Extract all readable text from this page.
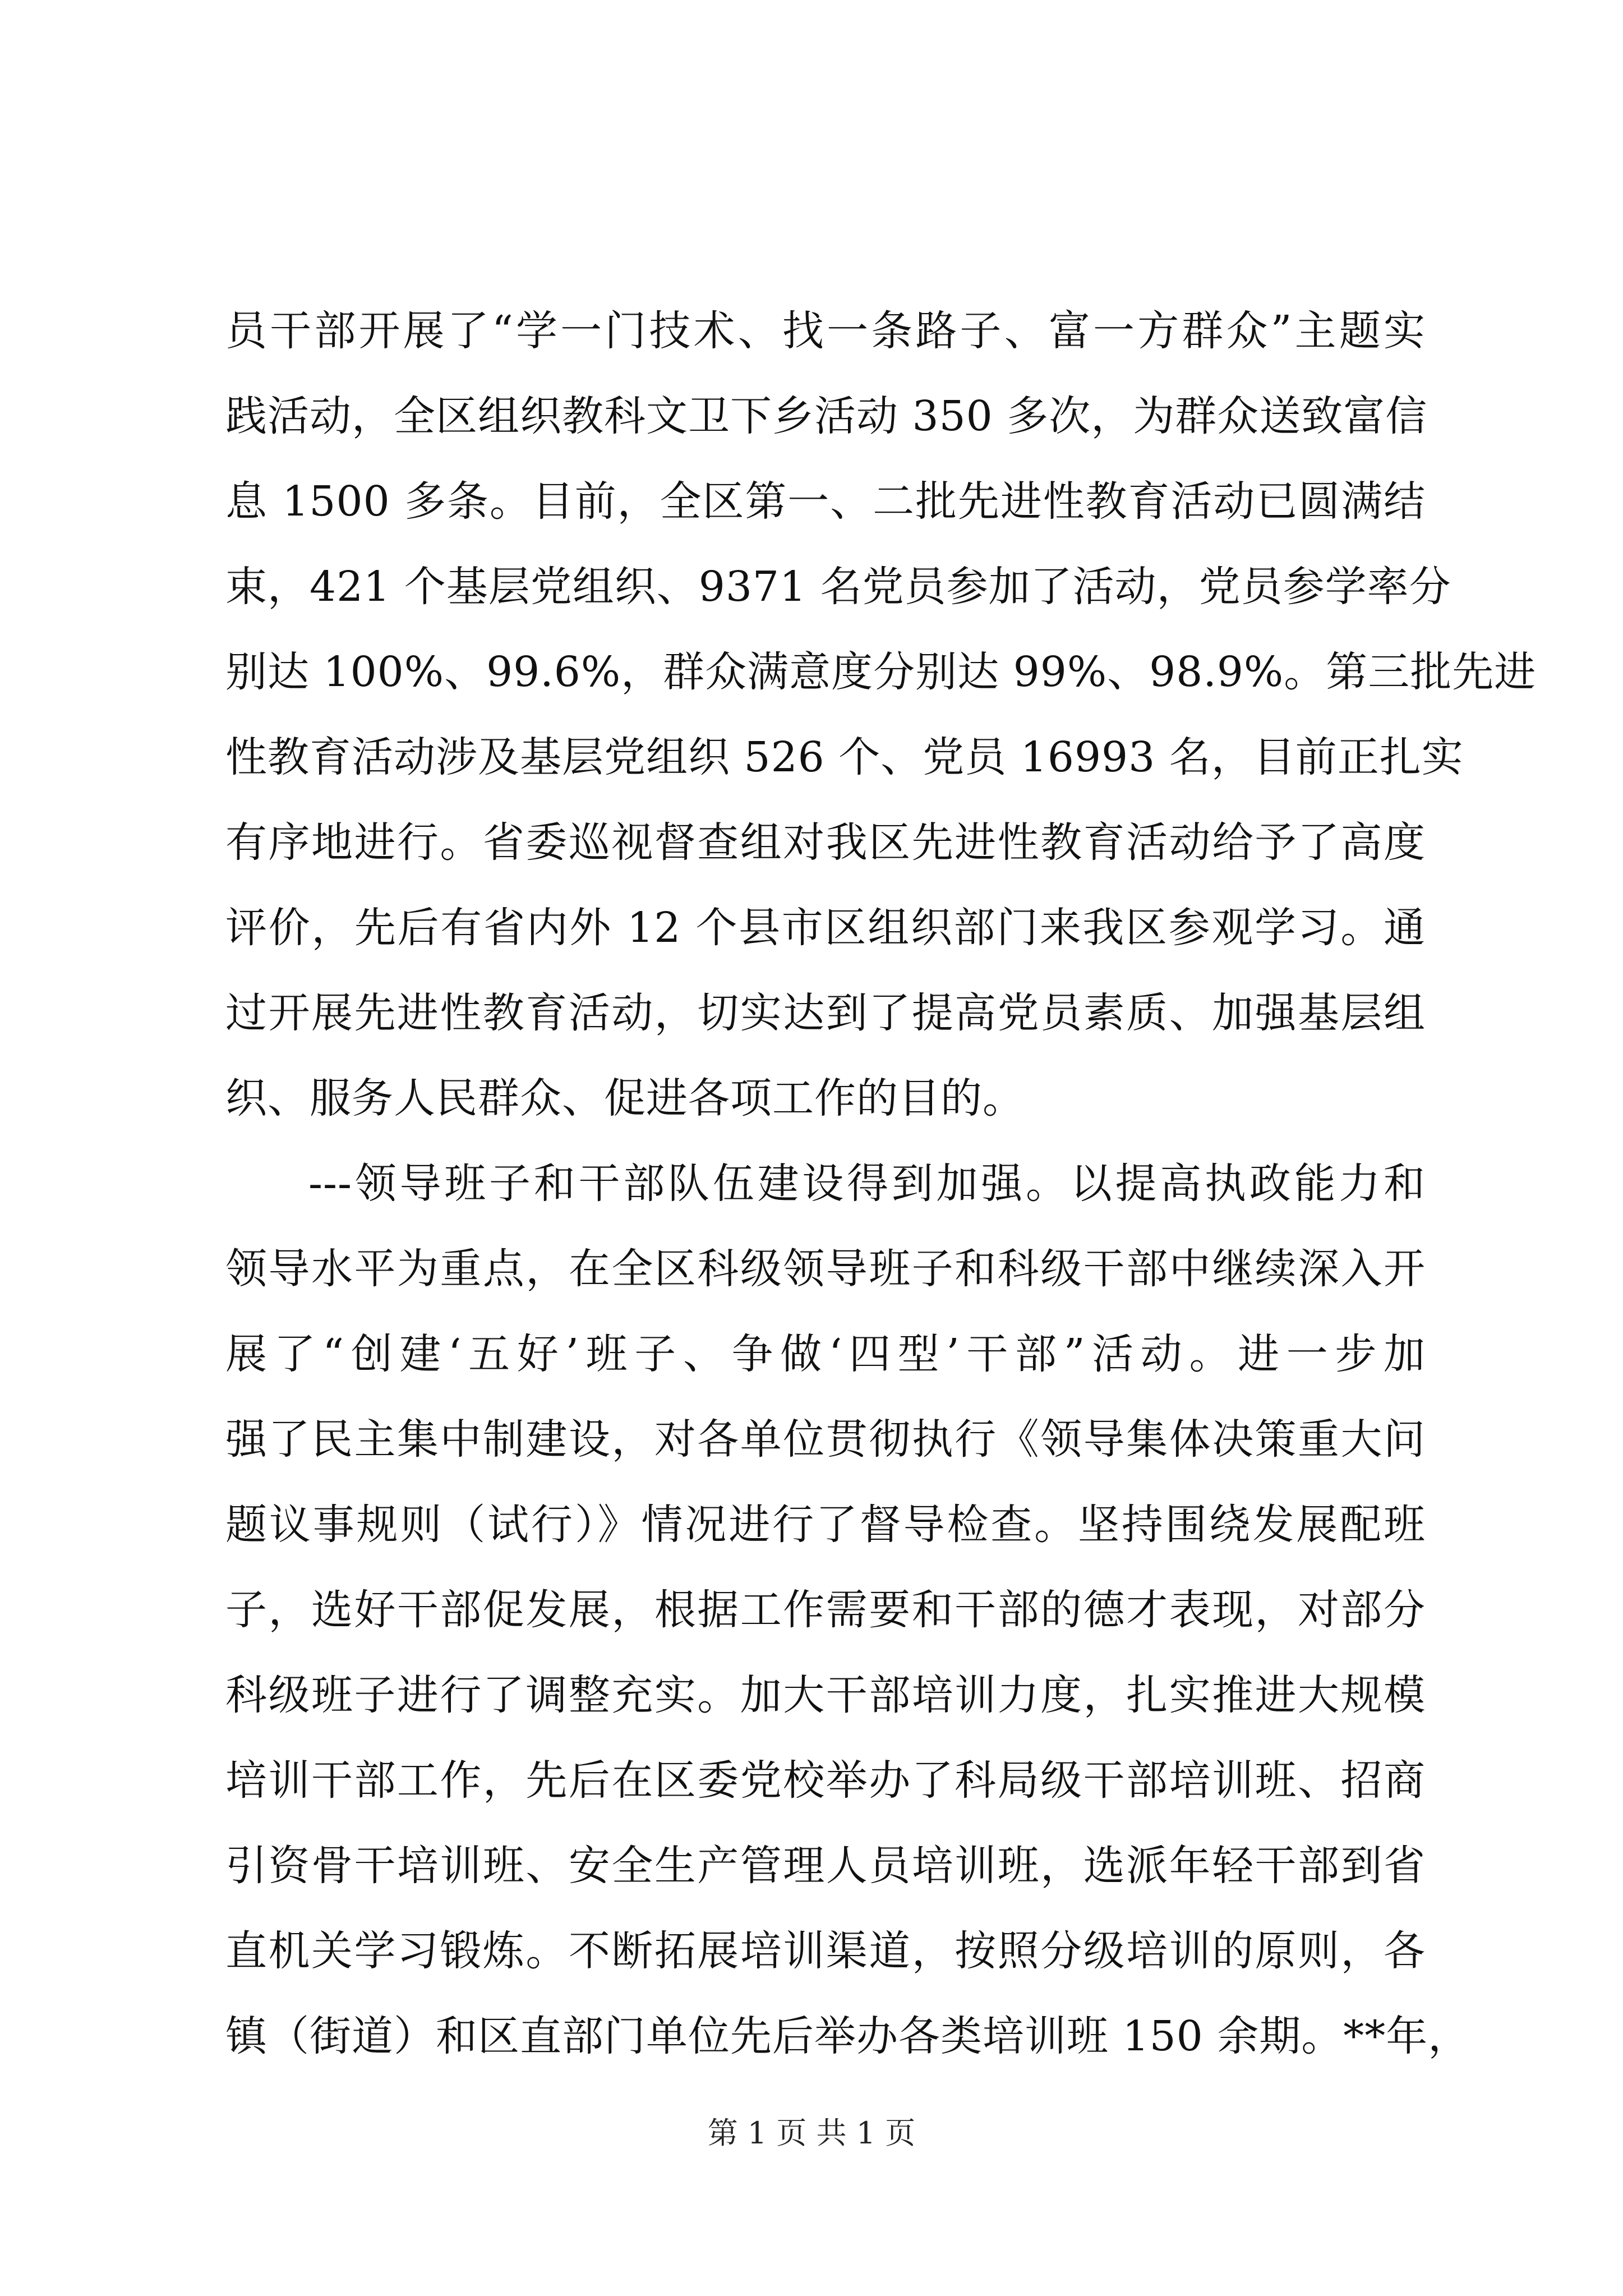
员干部开展了“学一门技术、找一条路子、富一方群众”主题实
践活动，全区组织教科文卫下乡活动 350 多次，为群众送致富信
息 1500 多条。目前，全区第一、二批先进性教育活动已圆满结
束，421 个基层党组织、9371 名党员参加了活动，党员参学率分
别达 100%、99.6%，群众满意度分别达 99%、98.9%。第三批先进
性教育活动涉及基层党组织 526 个、党员 16993 名，目前正扎实
有序地进行。省委巡视督查组对我区先进性教育活动给予了高度
评价，先后有省内外 12 个县市区组织部门来我区参观学习。通
过开展先进性教育活动，切实达到了提高党员素质、加强基层组
织、服务人民群众、促进各项工作的目的。
---领导班子和干部队伍建设得到加强。以提高执政能力和
领导水平为重点，在全区科级领导班子和科级干部中继续深入开
展了“创建‘五好’班子、争做‘四型’干部”活动。进一步加
强了民主集中制建设，对各单位贯彻执行《领导集体决策重大问
题议事规则（试行）》情况进行了督导检查。坚持围绕发展配班
子，选好干部促发展，根据工作需要和干部的德才表现，对部分
科级班子进行了调整充实。加大干部培训力度，扎实推进大规模
培训干部工作，先后在区委党校举办了科局级干部培训班、招商
引资骨干培训班、安全生产管理人员培训班，选派年轻干部到省
直机关学习锻炼。不断拓展培训渠道，按照分级培训的原则，各
镇（街道）和区直部门单位先后举办各类培训班 150 余期。**年，
第 1 页 共 1 页
